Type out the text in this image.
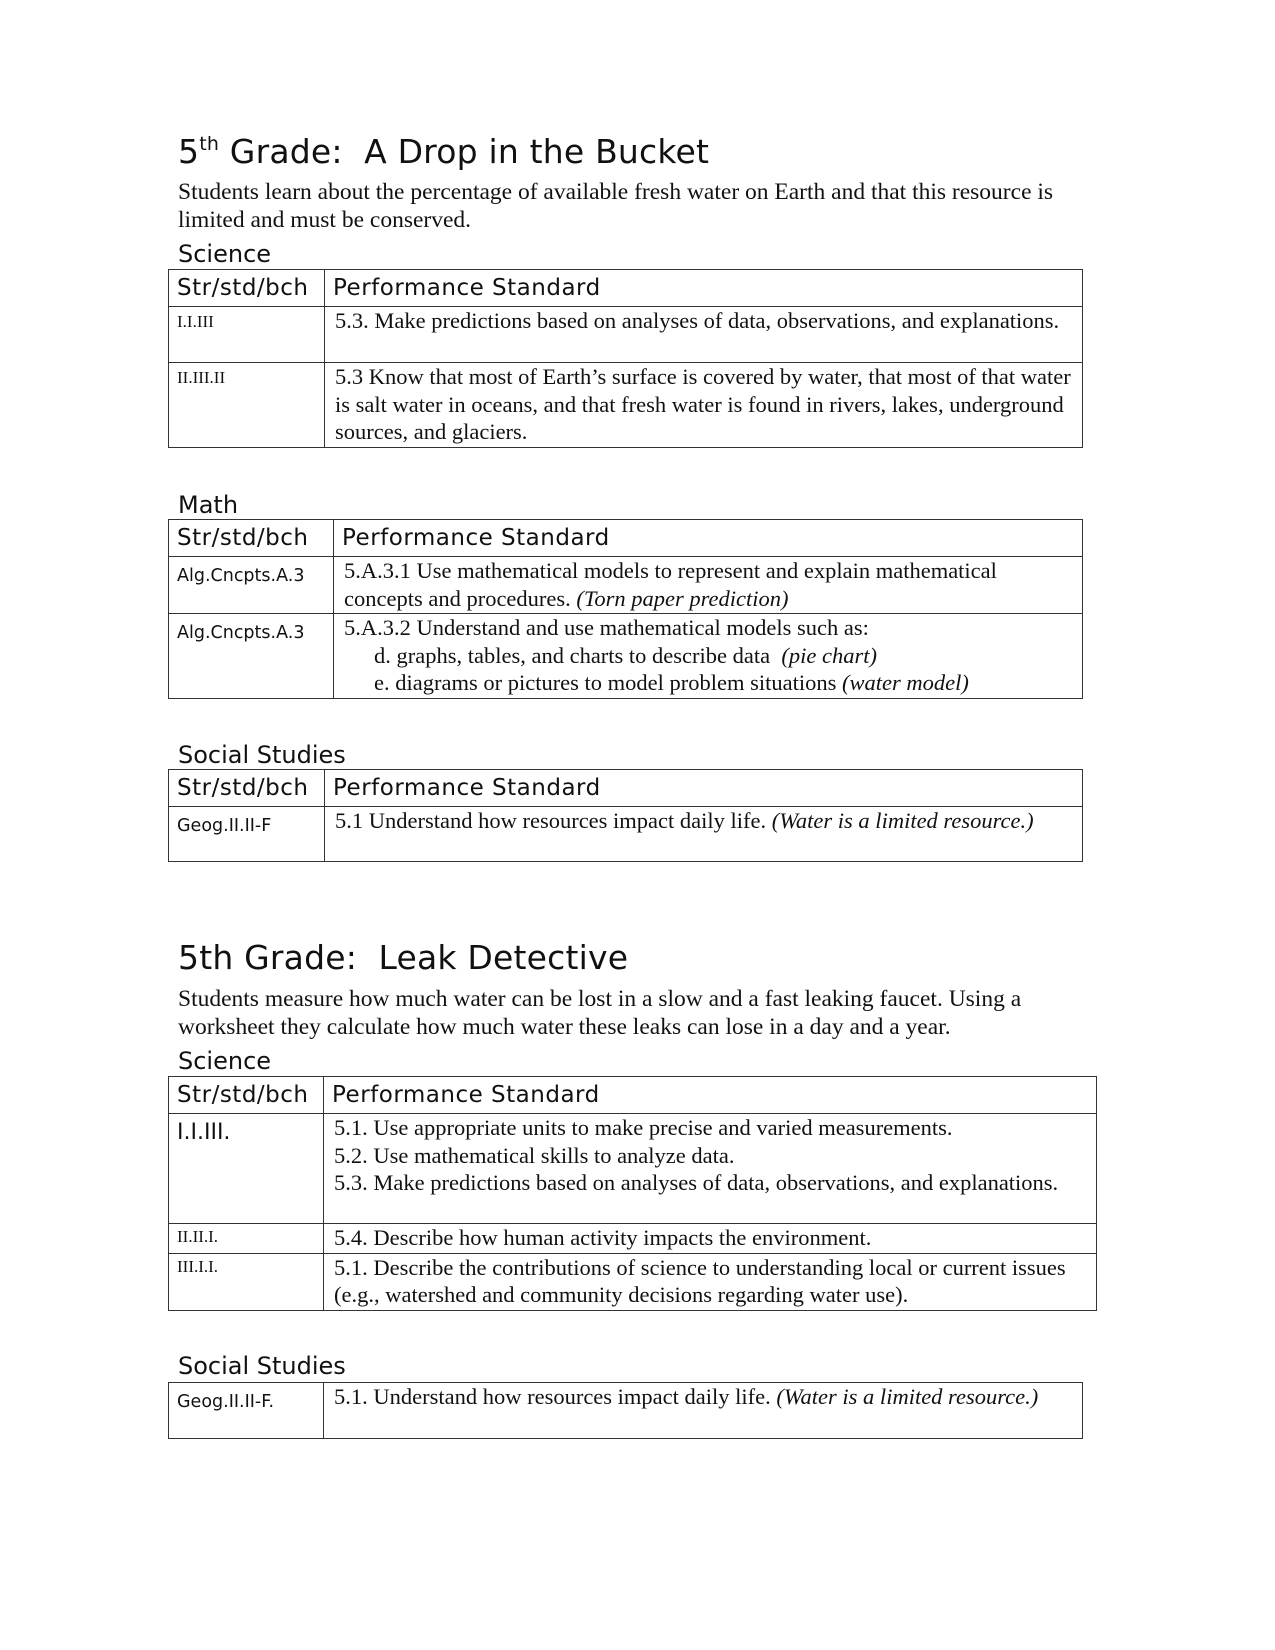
5th Grade:  A Drop in the Bucket

Students learn about the percentage of available fresh water on Earth and that this resource is limited and must be conserved.

Science
Str/std/bch	Performance Standard
I.I.III	5.3. Make predictions based on analyses of data, observations, and explanations.
II.III.II	5.3 Know that most of Earth’s surface is covered by water, that most of that water is salt water in oceans, and that fresh water is found in rivers, lakes, underground sources, and glaciers.
Math
Str/std/bch	Performance Standard
Alg.Cncpts.A.3	5.A.3.1 Use mathematical models to represent and explain mathematical concepts and procedures. (Torn paper prediction)
Alg.Cncpts.A.3	5.A.3.2 Understand and use mathematical models such as:
d. graphs, tables, and charts to describe data  (pie chart)
e. diagrams or pictures to model problem situations (water model)
Social Studies
Str/std/bch	Performance Standard
Geog.II.II-F	5.1 Understand how resources impact daily life. (Water is a limited resource.)
5th Grade:  Leak Detective

Students measure how much water can be lost in a slow and a fast leaking faucet. Using a worksheet they calculate how much water these leaks can lose in a day and a year.

Science
Str/std/bch	Performance Standard
I.I.III.	5.1. Use appropriate units to make precise and varied measurements.
5.2. Use mathematical skills to analyze data.
5.3. Make predictions based on analyses of data, observations, and explanations.

II.II.I.	5.4. Describe how human activity impacts the environment.
III.I.I.	5.1. Describe the contributions of science to understanding local or current issues (e.g., watershed and community decisions regarding water use).
Social Studies
Geog.II.II-F.	5.1. Understand how resources impact daily life. (Water is a limited resource.)
